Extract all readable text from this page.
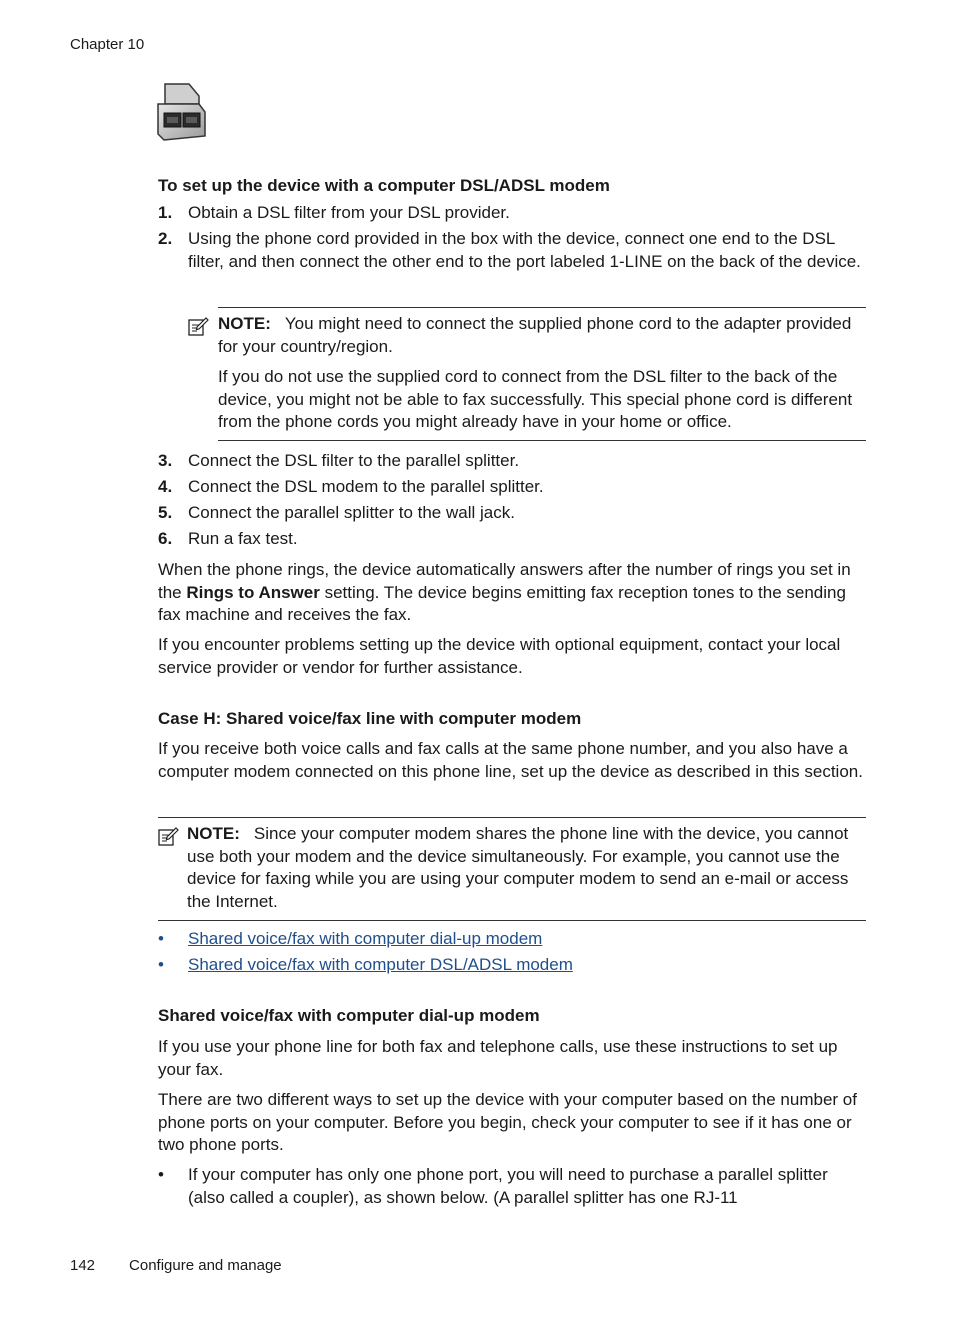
Chapter 10
To set up the device with a computer DSL/ADSL modem
1. Obtain a DSL filter from your DSL provider.
2. Using the phone cord provided in the box with the device, connect one end to the DSL filter, and then connect the other end to the port labeled 1-LINE on the back of the device.
NOTE: You might need to connect the supplied phone cord to the adapter provided for your country/region.
If you do not use the supplied cord to connect from the DSL filter to the back of the device, you might not be able to fax successfully. This special phone cord is different from the phone cords you might already have in your home or office.
3. Connect the DSL filter to the parallel splitter.
4. Connect the DSL modem to the parallel splitter.
5. Connect the parallel splitter to the wall jack.
6. Run a fax test.
When the phone rings, the device automatically answers after the number of rings you set in the Rings to Answer setting. The device begins emitting fax reception tones to the sending fax machine and receives the fax.
If you encounter problems setting up the device with optional equipment, contact your local service provider or vendor for further assistance.
Case H: Shared voice/fax line with computer modem
If you receive both voice calls and fax calls at the same phone number, and you also have a computer modem connected on this phone line, set up the device as described in this section.
NOTE: Since your computer modem shares the phone line with the device, you cannot use both your modem and the device simultaneously. For example, you cannot use the device for faxing while you are using your computer modem to send an e-mail or access the Internet.
• Shared voice/fax with computer dial-up modem
• Shared voice/fax with computer DSL/ADSL modem
Shared voice/fax with computer dial-up modem
If you use your phone line for both fax and telephone calls, use these instructions to set up your fax.
There are two different ways to set up the device with your computer based on the number of phone ports on your computer. Before you begin, check your computer to see if it has one or two phone ports.
• If your computer has only one phone port, you will need to purchase a parallel splitter (also called a coupler), as shown below. (A parallel splitter has one RJ-11
142 Configure and manage
